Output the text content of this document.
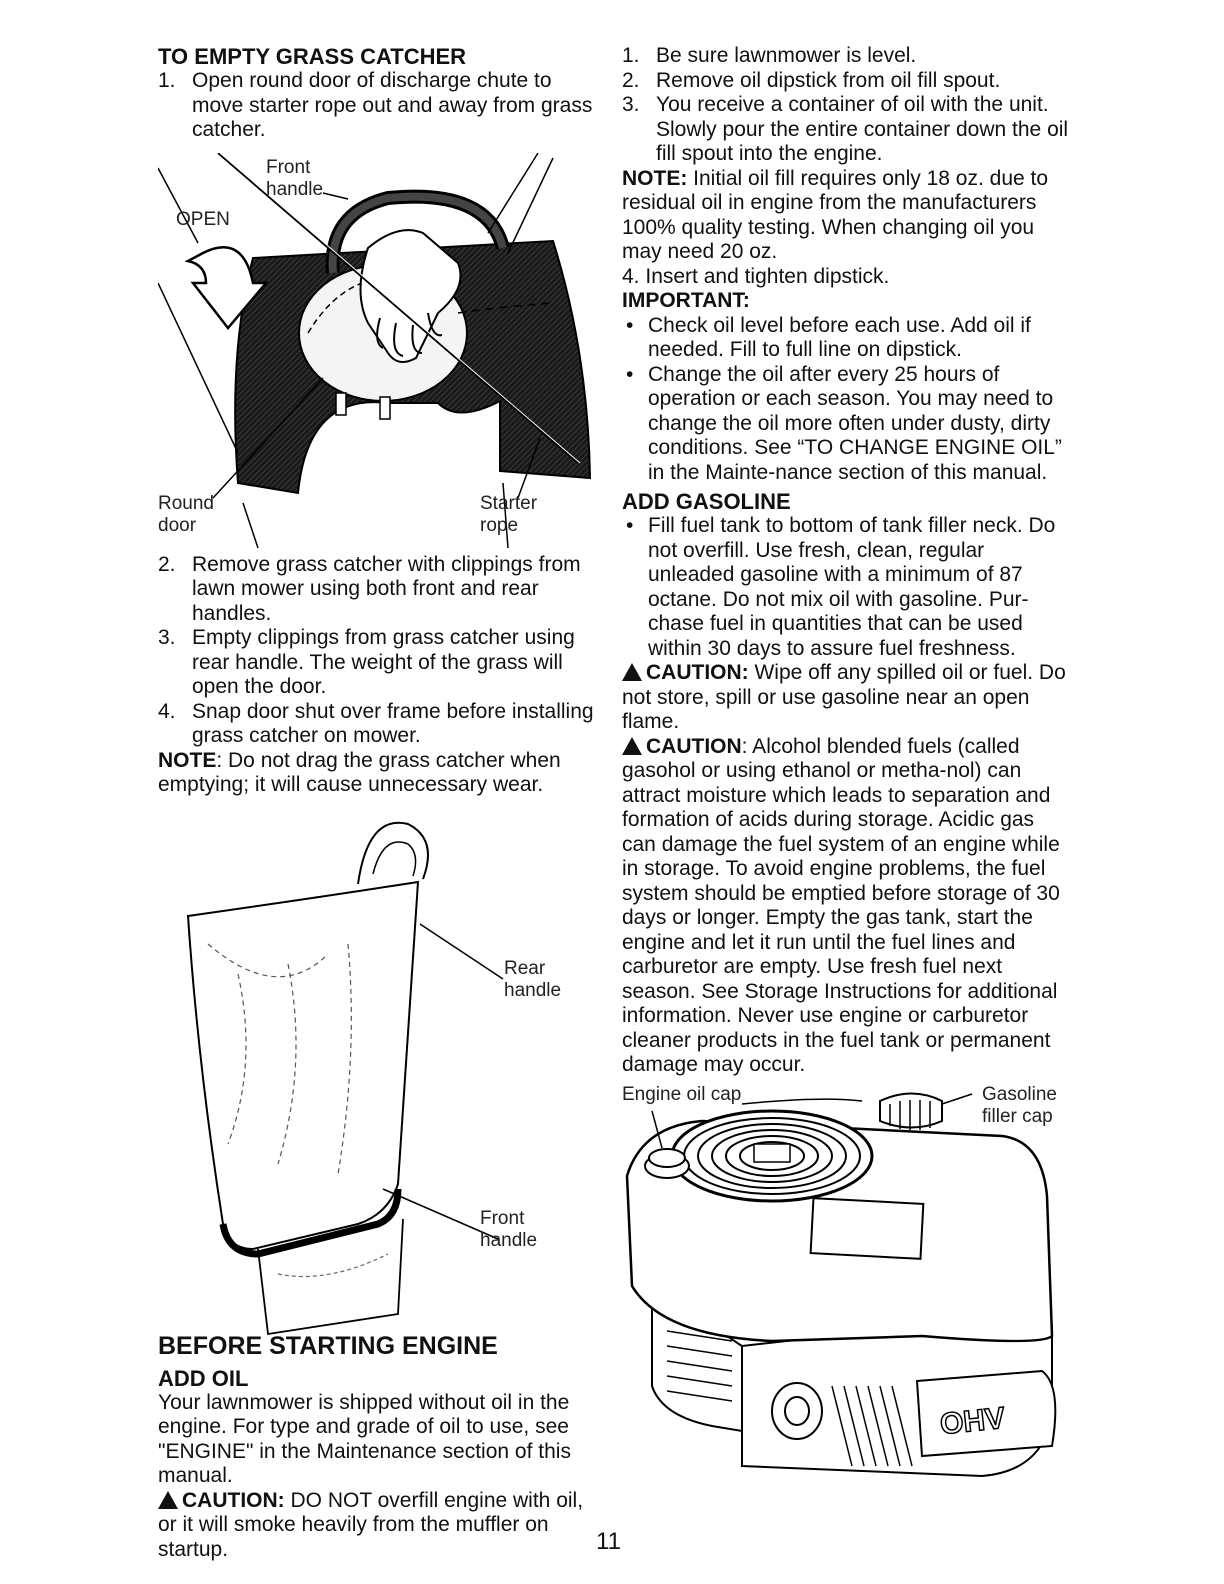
TO EMPTY GRASS CATCHER
1. Open round door of discharge chute to move starter rope out and away from grass catcher.
Front
handle
OPEN
Round
door
Starter
rope
2. Remove grass catcher with clippings from lawn mower using both front and rear handles.
3. Empty clippings from grass catcher using rear handle. The weight of the grass will open the door.
4. Snap door shut over frame before installing grass catcher on mower.

NOTE: Do not drag the grass catcher when emptying; it will cause unnecessary wear.

Rear
handle
Front
handle
BEFORE STARTING ENGINE
ADD OIL

Your lawnmower is shipped without oil in the engine. For type and grade of oil to use, see "ENGINE" in the Maintenance section of this manual.

CAUTION: DO NOT overfill engine with oil, or it will smoke heavily from the muffler on startup.

1. Be sure lawnmower is level.
2. Remove oil dipstick from oil fill spout.
3. You receive a container of oil with the unit. Slowly pour the entire container down the oil fill spout into the engine.

NOTE: Initial oil fill requires only 18 oz. due to residual oil in engine from the manufacturers 100% quality testing. When changing oil you may need 20 oz.

4. Insert and tighten dipstick.

IMPORTANT:

• Check oil level before each use. Add oil if needed. Fill to full line on dipstick.
• Change the oil after every 25 hours of operation or each season. You may need to change the oil more often under dusty, dirty conditions. See “TO CHANGE ENGINE OIL” in the Mainte-nance section of this manual.
ADD GASOLINE
• Fill fuel tank to bottom of tank filler neck. Do not overfill. Use fresh, clean, regular unleaded gasoline with a minimum of 87 octane. Do not mix oil with gasoline. Pur-chase fuel in quantities that can be used within 30 days to assure fuel freshness.

CAUTION: Wipe off any spilled oil or fuel. Do not store, spill or use gasoline near an open flame.

CAUTION: Alcohol blended fuels (called gasohol or using ethanol or metha-nol) can attract moisture which leads to separation and formation of acids during storage. Acidic gas can damage the fuel system of an engine while in storage. To avoid engine problems, the fuel system should be emptied before storage of 30 days or longer. Empty the gas tank, start the engine and let it run until the fuel lines and carburetor are empty. Use fresh fuel next season. See Storage Instructions for additional information. Never use engine or carburetor cleaner products in the fuel tank or permanent damage may occur.

OHV
Engine oil cap	Gasoline
filler cap
11
